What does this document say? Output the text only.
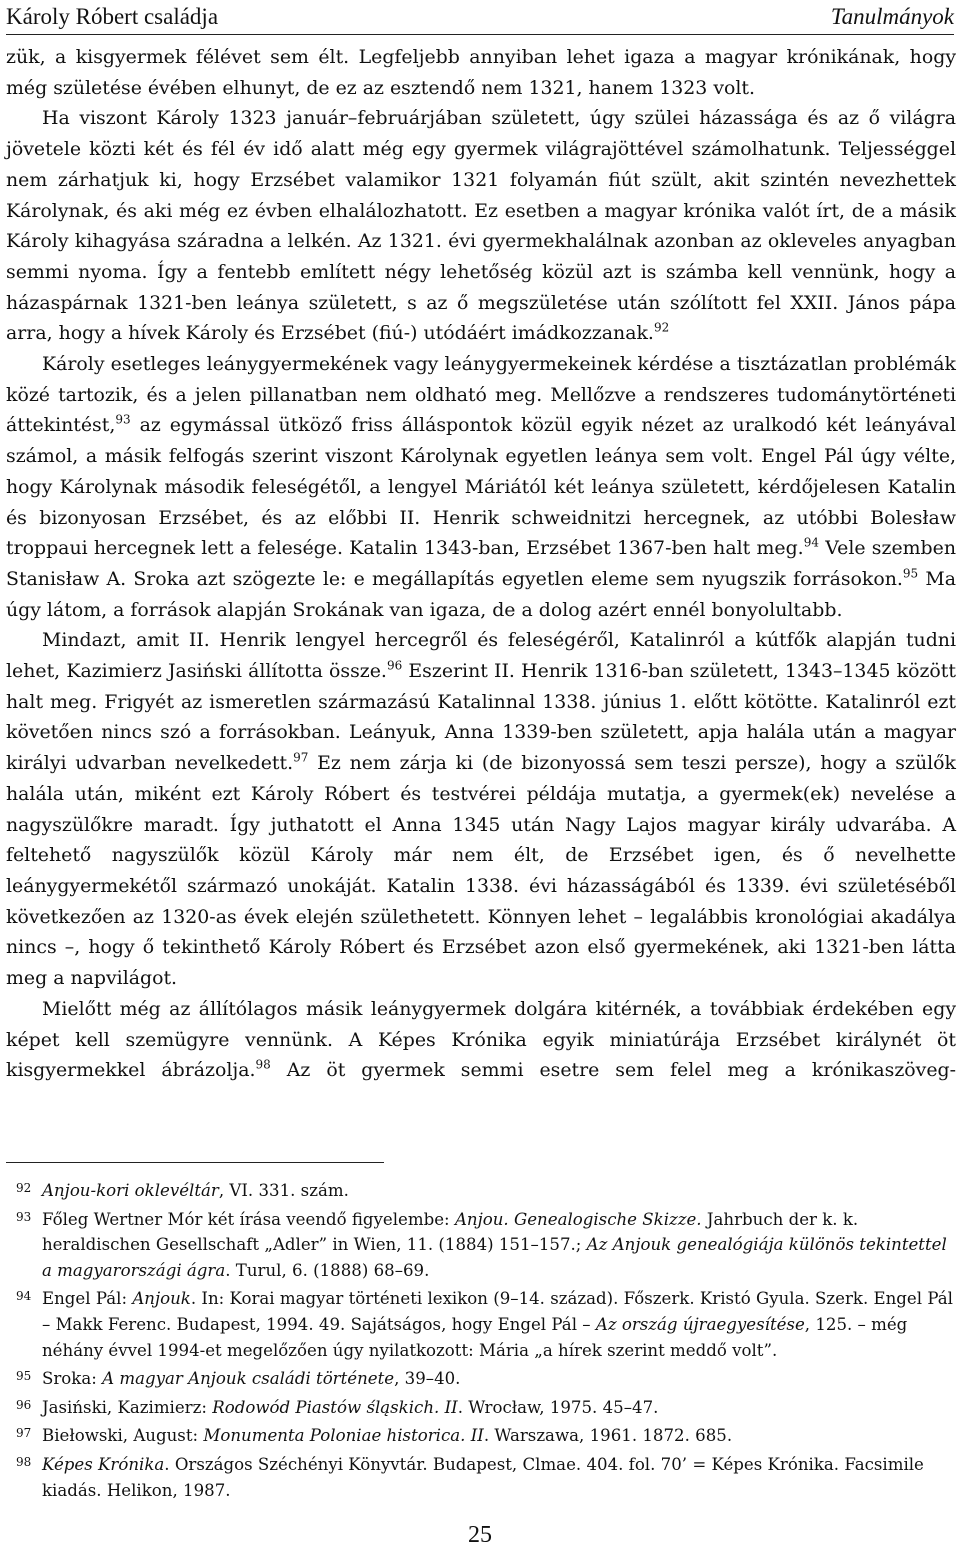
Károly Róbert családja	Tanulmányok

zük, a kisgyermek félévet sem élt. Legfeljebb annyiban lehet igaza a magyar krónikának, hogy még születése évében elhunyt, de ez az esztendő nem 1321, hanem 1323 volt.

Ha viszont Károly 1323 január–februárjában született, úgy szülei házassága és az ő világra jövetele közti két és fél év idő alatt még egy gyermek világrajöttével számolhatunk. Teljességgel nem zárhatjuk ki, hogy Erzsébet valamikor 1321 folyamán fiút szült, akit szintén nevezhettek Károlynak, és aki még ez évben elhalálozhatott. Ez esetben a magyar krónika valót írt, de a másik Károly kihagyása száradna a lelkén. Az 1321. évi gyermekhalálnak azonban az okleveles anyagban semmi nyoma. Így a fentebb említett négy lehetőség közül azt is számba kell vennünk, hogy a házaspárnak 1321-ben leánya született, s az ő megszületése után szólított fel XXII. János pápa arra, hogy a hívek Károly és Erzsébet (fiú-) utódáért imádkozzanak.$^{92}$

Károly esetleges leánygyermekének vagy leánygyermekeinek kérdése a tisztázatlan problémák közé tartozik, és a jelen pillanatban nem oldható meg. Mellőzve a rendszeres tudománytörténeti áttekintést,$^{93}$ az egymással ütköző friss álláspontok közül egyik nézet az uralkodó két leányával számol, a másik felfogás szerint viszont Károlynak egyetlen leánya sem volt. Engel Pál úgy vélte, hogy Károlynak második feleségétől, a lengyel Máriától két leánya született, kérdőjelesen Katalin és bizonyosan Erzsébet, és az előbbi II. Henrik schweidnitzi hercegnek, az utóbbi Bolesław troppaui hercegnek lett a felesége. Katalin 1343-ban, Erzsébet 1367-ben halt meg.$^{94}$ Vele szemben Stanisław A. Sroka azt szögezte le: e megállapítás egyetlen eleme sem nyugszik forrásokon.$^{95}$ Ma úgy látom, a források alapján Srokának van igaza, de a dolog azért ennél bonyolultabb.

Mindazt, amit II. Henrik lengyel hercegről és feleségéről, Katalinról a kútfők alapján tudni lehet, Kazimierz Jasiński állította össze.$^{96}$ Eszerint II. Henrik 1316-ban született, 1343–1345 között halt meg. Frigyét az ismeretlen származású Katalinnal 1338. június 1. előtt kötötte. Katalinról ezt követően nincs szó a forrásokban. Leányuk, Anna 1339-ben született, apja halála után a magyar királyi udvarban nevelkedett.$^{97}$ Ez nem zárja ki (de bizonyossá sem teszi persze), hogy a szülők halála után, miként ezt Károly Róbert és testvérei példája mutatja, a gyermek(ek) nevelése a nagyszülőkre maradt. Így juthatott el Anna 1345 után Nagy Lajos magyar király udvarába. A feltehető nagyszülők közül Károly már nem élt, de Erzsébet igen, és ő nevelhette leánygyermekétől származó unokáját. Katalin 1338. évi házasságából és 1339. évi születéséből következően az 1320-as évek elején születhetett. Könnyen lehet – legalábbis kronológiai akadálya nincs –, hogy ő tekinthető Károly Róbert és Erzsébet azon első gyermekének, aki 1321-ben látta meg a napvilágot.

Mielőtt még az állítólagos másik leánygyermek dolgára kitérnék, a továbbiak érdekében egy képet kell szemügyre vennünk. A Képes Krónika egyik miniatúrája Erzsébet királynét öt kisgyermekkel ábrázolja.$^{98}$ Az öt gyermek semmi esetre sem felel meg a krónikaszöveg-

92 Anjou-kori oklevéltár, VI. 331. szám.
93 Főleg Wertner Mór két írása veendő figyelembe: Anjou. Genealogische Skizze. Jahrbuch der k. k. heraldischen Gesellschaft „Adler” in Wien, 11. (1884) 151–157.; Az Anjouk genealógiája különös tekintettel a magyarországi ágra. Turul, 6. (1888) 68–69.
94 Engel Pál: Anjouk. In: Korai magyar történeti lexikon (9–14. század). Főszerk. Kristó Gyula. Szerk. Engel Pál – Makk Ferenc. Budapest, 1994. 49. Sajátságos, hogy Engel Pál – Az ország újraegyesítése, 125. – még néhány évvel 1994-et megelőzően úgy nyilatkozott: Mária „a hírek szerint meddő volt”.
95 Sroka: A magyar Anjouk családi története, 39–40.
96 Jasiński, Kazimierz: Rodowód Piastów śląskich. II. Wrocław, 1975. 45–47.
97 Biełowski, August: Monumenta Poloniae historica. II. Warszawa, 1961. 1872. 685.
98 Képes Krónika. Országos Széchényi Könyvtár. Budapest, Clmae. 404. fol. 70’ = Képes Krónika. Facsimile kiadás. Helikon, 1987.
25
